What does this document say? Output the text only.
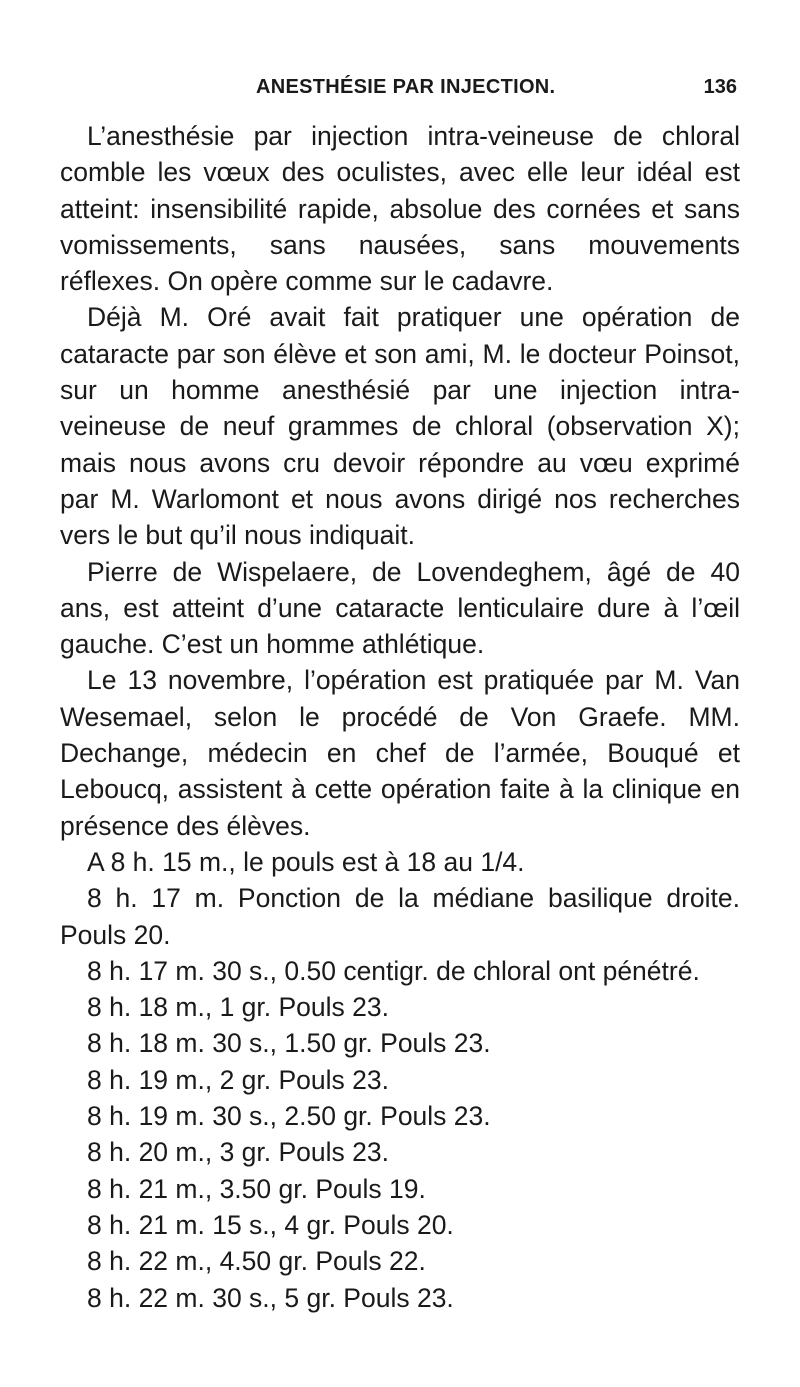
ANESTHÉSIE PAR INJECTION.	136

L’anesthésie par injection intra-veineuse de chloral comble les vœux des oculistes, avec elle leur idéal est atteint: insensibilité rapide, absolue des cornées et sans vomissements, sans nausées, sans mouvements réflexes. On opère comme sur le cadavre.

Déjà M. Oré avait fait pratiquer une opération de cataracte par son élève et son ami, M. le docteur Poinsot, sur un homme anesthésié par une injection intra-veineuse de neuf grammes de chloral (observation X); mais nous avons cru devoir répondre au vœu exprimé par M. Warlomont et nous avons dirigé nos recherches vers le but qu’il nous indiquait.

Pierre de Wispelaere, de Lovendeghem, âgé de 40 ans, est atteint d’une cataracte lenticulaire dure à l’œil gauche. C’est un homme athlétique.

Le 13 novembre, l’opération est pratiquée par M. Van Wesemael, selon le procédé de Von Graefe. MM. Dechange, médecin en chef de l’armée, Bouqué et Leboucq, assistent à cette opération faite à la clinique en présence des élèves.

A 8 h. 15 m., le pouls est à 18 au 1/4.

8 h. 17 m. Ponction de la médiane basilique droite. Pouls 20.

8 h. 17 m. 30 s., 0.50 centigr. de chloral ont pénétré.
8 h. 18 m., 1 gr. Pouls 23.
8 h. 18 m. 30 s., 1.50 gr. Pouls 23.
8 h. 19 m., 2 gr. Pouls 23.
8 h. 19 m. 30 s., 2.50 gr. Pouls 23.
8 h. 20 m., 3 gr. Pouls 23.
8 h. 21 m., 3.50 gr. Pouls 19.
8 h. 21 m. 15 s., 4 gr. Pouls 20.
8 h. 22 m., 4.50 gr. Pouls 22.
8 h. 22 m. 30 s., 5 gr. Pouls 23.
